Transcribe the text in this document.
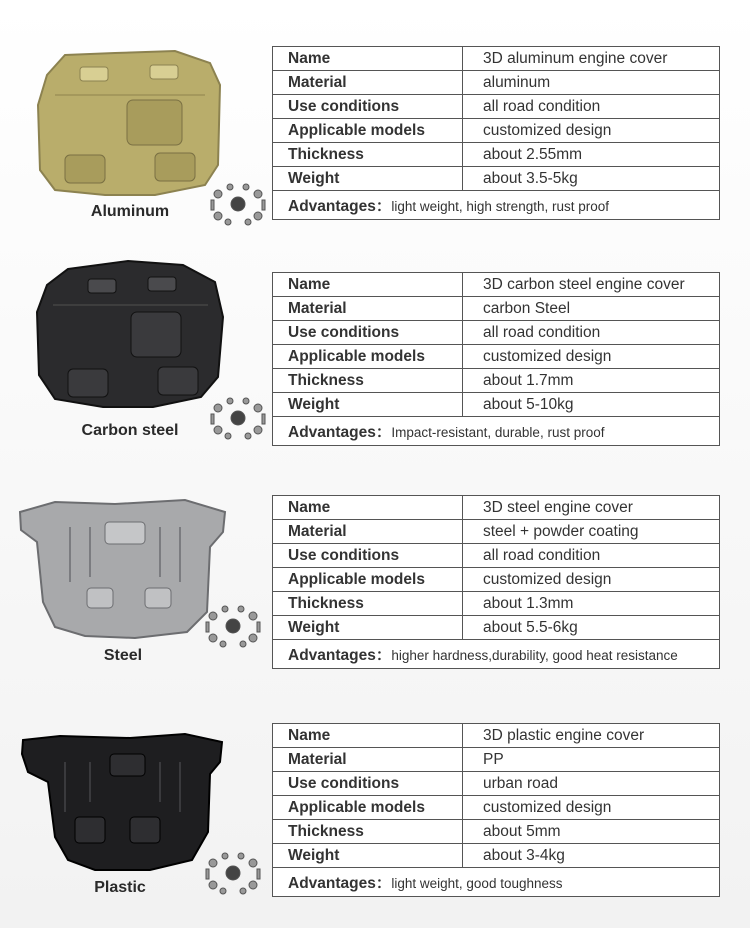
Aluminum
Name	3D aluminum engine cover
Material	aluminum
Use conditions	all road condition
Applicable models	customized design
Thickness	about 2.55mm
Weight	about 3.5-5kg
Advantages：light weight, high strength, rust proof	
Carbon steel
Name	3D carbon steel engine cover
Material	carbon Steel
Use conditions	all road condition
Applicable models	customized design
Thickness	about 1.7mm
Weight	about 5-10kg
Advantages：Impact-resistant, durable, rust proof	
Steel
Name	3D steel engine cover
Material	steel + powder coating
Use conditions	all road condition
Applicable models	customized design
Thickness	about 1.3mm
Weight	about 5.5-6kg
Advantages：higher hardness,durability, good heat resistance	
Plastic
Name	3D plastic engine cover
Material	PP
Use conditions	urban road
Applicable models	customized design
Thickness	about 5mm
Weight	about 3-4kg
Advantages：light weight, good toughness	
